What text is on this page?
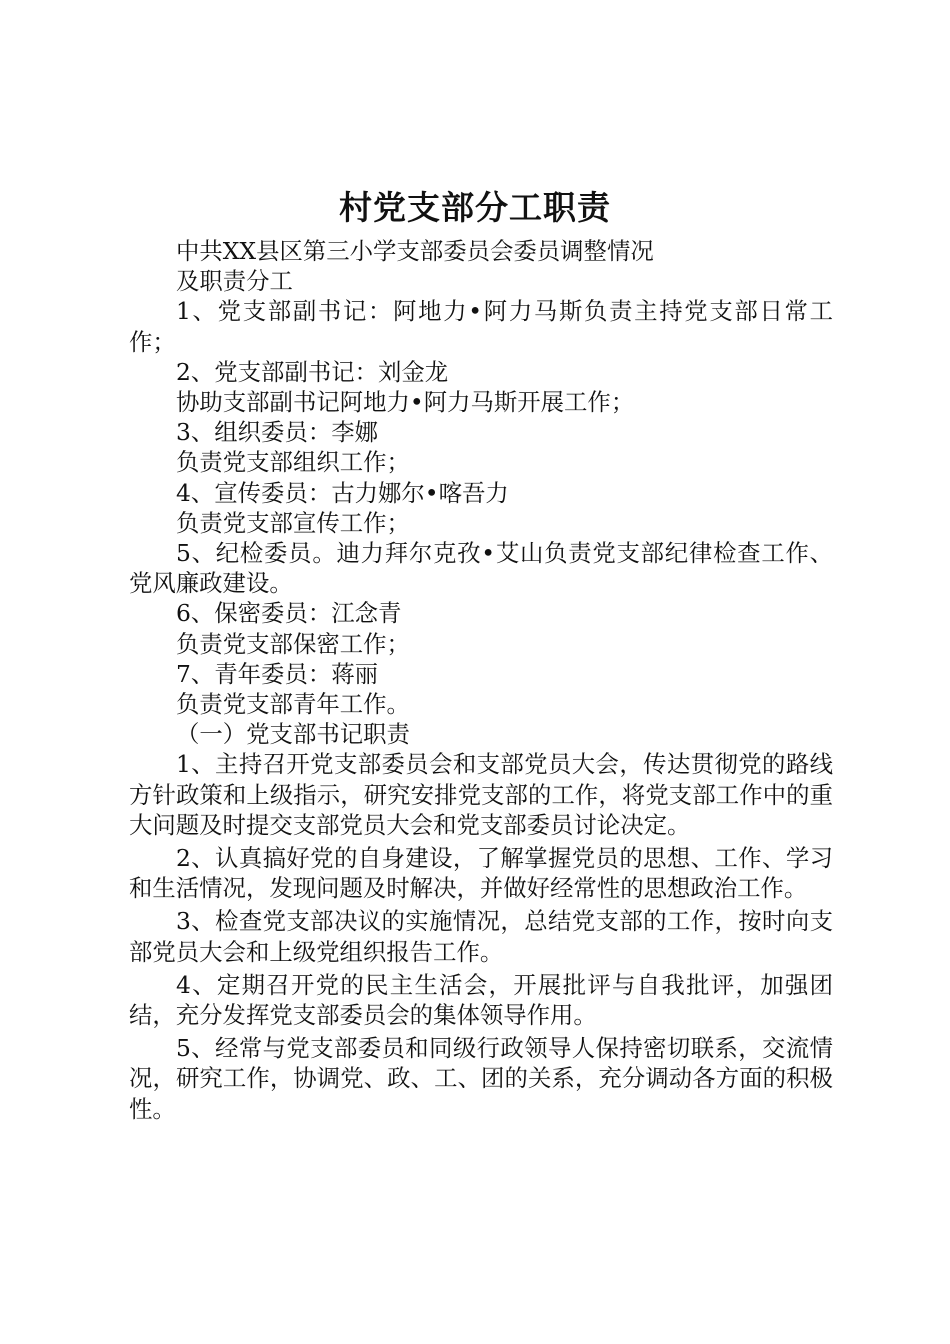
村党支部分工职责

中共XX县区第三小学支部委员会委员调整情况

及职责分工

1、党支部副书记：阿地力•阿力马斯负责主持党支部日常工作；

2、党支部副书记：刘金龙

协助支部副书记阿地力•阿力马斯开展工作；

3、组织委员：李娜

负责党支部组织工作；

4、宣传委员：古力娜尔•喀吾力

负责党支部宣传工作；

5、纪检委员。迪力拜尔克孜•艾山负责党支部纪律检查工作、党风廉政建设。

6、保密委员：江念青

负责党支部保密工作；

7、青年委员：蒋丽

负责党支部青年工作。

（一）党支部书记职责

1、主持召开党支部委员会和支部党员大会，传达贯彻党的路线方针政策和上级指示，研究安排党支部的工作，将党支部工作中的重大问题及时提交支部党员大会和党支部委员讨论决定。

2、认真搞好党的自身建设，了解掌握党员的思想、工作、学习和生活情况，发现问题及时解决，并做好经常性的思想政治工作。

3、检查党支部决议的实施情况，总结党支部的工作，按时向支部党员大会和上级党组织报告工作。

4、定期召开党的民主生活会，开展批评与自我批评，加强团结，充分发挥党支部委员会的集体领导作用。

5、经常与党支部委员和同级行政领导人保持密切联系，交流情况，研究工作，协调党、政、工、团的关系，充分调动各方面的积极性。
